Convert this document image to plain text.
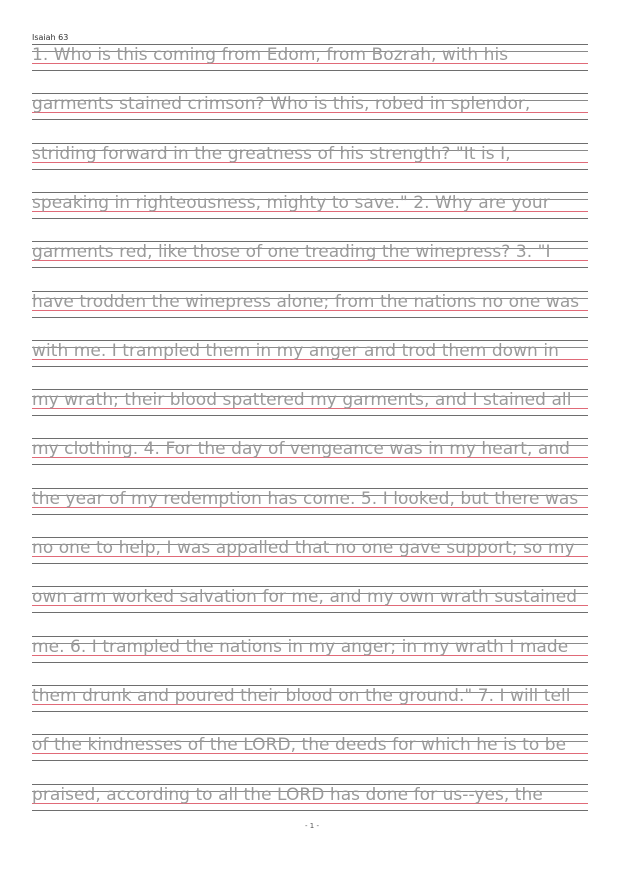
Isaiah 63
1. Who is this coming from Edom, from Bozrah, with his
garments stained crimson? Who is this, robed in splendor,
striding forward in the greatness of his strength? "It is I,
speaking in righteousness, mighty to save." 2. Why are your
garments red, like those of one treading the winepress? 3. "I
have trodden the winepress alone; from the nations no one was
with me. I trampled them in my anger and trod them down in
my wrath; their blood spattered my garments, and I stained all
my clothing. 4. For the day of vengeance was in my heart, and
the year of my redemption has come. 5. I looked, but there was
no one to help, I was appalled that no one gave support; so my
own arm worked salvation for me, and my own wrath sustained
me. 6. I trampled the nations in my anger; in my wrath I made
them drunk and poured their blood on the ground." 7. I will tell
of the kindnesses of the LORD, the deeds for which he is to be
praised, according to all the LORD has done for us--yes, the
- 1 -
